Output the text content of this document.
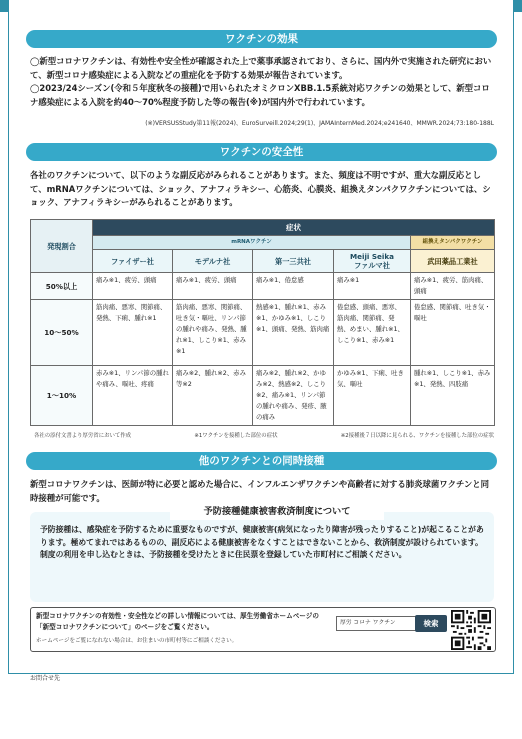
ワクチンの効果

◯新型コロナワクチンは、有効性や安全性が確認された上で薬事承認されており、さらに、国内外で実施された研究において、新型コロナ感染症による入院などの重症化を予防する効果が報告されています。

◯2023/24シーズン(令和５年度秋冬の接種)で用いられたオミクロンXBB.1.5系統対応ワクチンの効果として、新型コロナ感染症による入院を約40～70%程度予防した等の報告(※)が国内外で行われています。

(※)VERSUSStudy第11報(2024)、EuroSurveill.2024;29(1)、JAMAInternMed.2024;e241640、MMWR.2024;73:180-188L
ワクチンの安全性
各社のワクチンについて、以下のような副反応がみられることがあります。また、頻度は不明ですが、重大な副反応として、mRNAワクチンについては、ショック、アナフィラキシー、心筋炎、心膜炎、組換えタンパクワクチンについては、ショック、アナフィラキシーがみられることがあります。
発現割合	症状				
	mRNAワクチン				組換えタンパクワクチン
	ファイザー社	モデルナ社	第一三共社	Meiji Seika
ファルマ社	武田薬品工業社
50%以上	痛み※1、疲労、頭痛	痛み※1、疲労、頭痛	痛み※1、倦怠感	痛み※1	痛み※1、疲労、筋肉痛、頭痛
10～50%	筋肉痛、悪寒、関節痛、発熱、下痢、腫れ※1	筋肉痛、悪寒、関節痛、吐き気・嘔吐、リンパ節の腫れや痛み、発熱、腫れ※1、しこり※1、赤み※1	熱感※1、腫れ※1、赤み※1、かゆみ※1、しこり※1、頭痛、発熱、筋肉痛	倦怠感、頭痛、悪寒、筋肉痛、関節痛、発熱、めまい、腫れ※1、しこり※1、赤み※1	倦怠感、関節痛、吐き気・嘔吐
1～10%	赤み※1、リンパ節の腫れや痛み、嘔吐、疼痛	痛み※2、腫れ※2、赤み等※2	痛み※2、腫れ※2、かゆみ※2、熱感※2、しこり※2、痛み※1、リンパ節の腫れや痛み、発疹、腋の痛み	かゆみ※1、下痢、吐き気、嘔吐	腫れ※1、しこり※1、赤み※1、発熱、四肢痛
各社の添付文書より厚労省において作成	※1ワクチンを接種した部位の症状	※2接種後７日以降に見られる、ワクチンを接種した部位の症状
他のワクチンとの同時接種
新型コロナワクチンは、医師が特に必要と認めた場合に、インフルエンザワクチンや高齢者に対する肺炎球菌ワクチンと同時接種が可能です。
予防接種健康被害救済制度について
予防接種は、感染症を予防するために重要なものですが、健康被害(病気になったり障害が残ったりすること)が起こることがあります。極めてまれではあるものの、副反応による健康被害をなくすことはできないことから、救済制度が設けられています。制度の利用を申し込むときは、予防接種を受けたときに住民票を登録していた市町村にご相談ください。
新型コロナワクチンの有効性・安全性などの詳しい情報については、厚生労働省ホームページの「新型コロナワクチンについて」のページをご覧ください。
ホームページをご覧になれない場合は、お住まいの市町村等にご相談ください。
厚労 コロナ ワクチン	検索
お問合せ先
